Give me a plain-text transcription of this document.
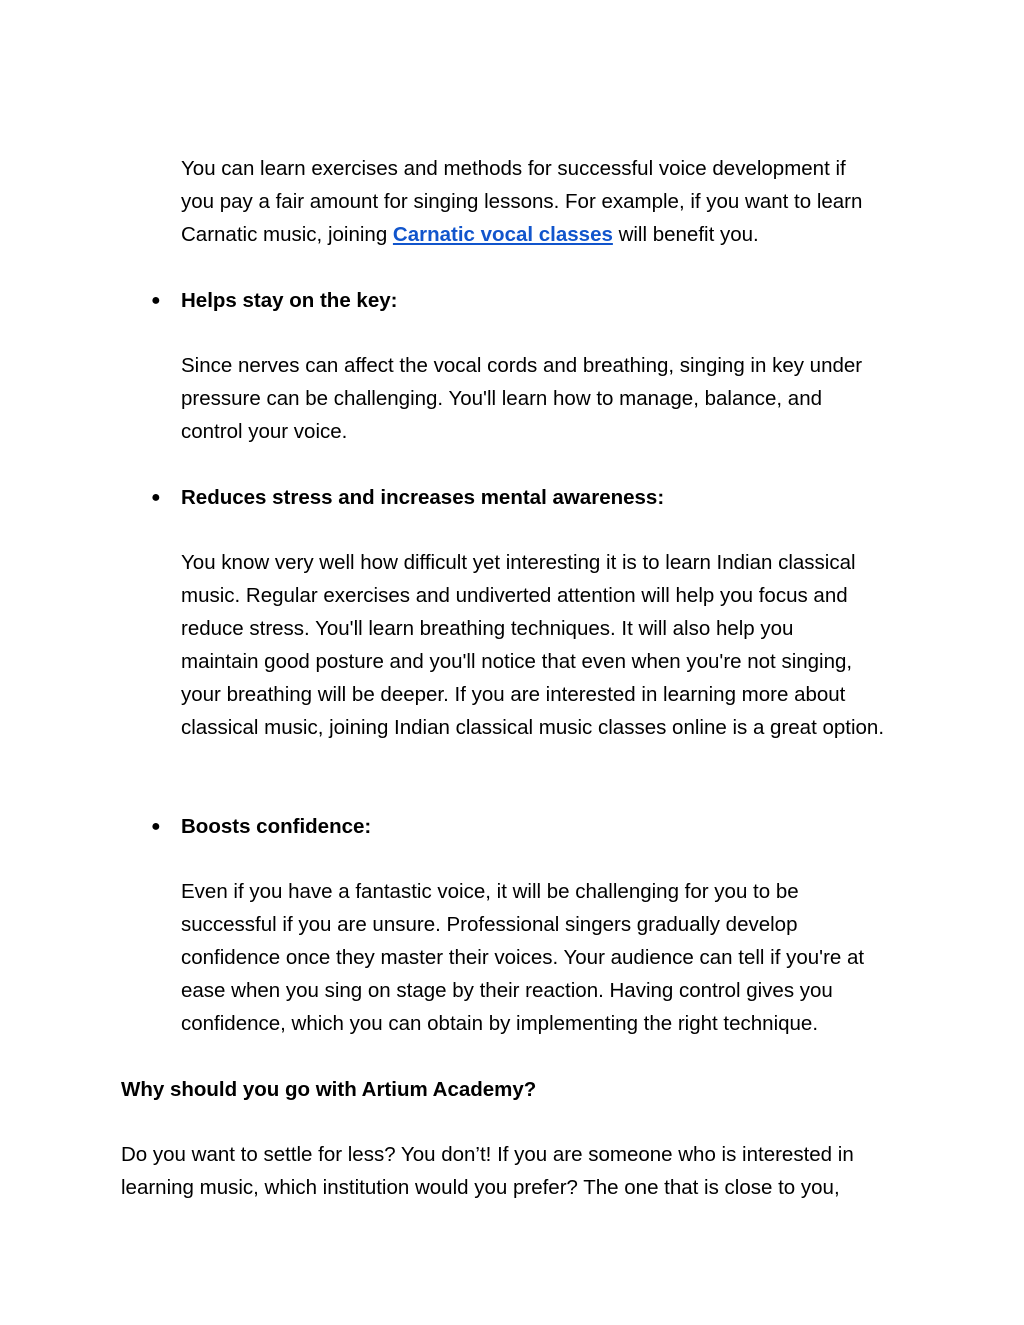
You can learn exercises and methods for successful voice development if
you pay a fair amount for singing lessons. For example, if you want to learn
Carnatic music, joining Carnatic vocal classes will benefit you.

● Helps stay on the key:

Since nerves can affect the vocal cords and breathing, singing in key under
pressure can be challenging. You'll learn how to manage, balance, and
control your voice.

● Reduces stress and increases mental awareness:

You know very well how difficult yet interesting it is to learn Indian classical
music. Regular exercises and undiverted attention will help you focus and
reduce stress. You'll learn breathing techniques. It will also help you
maintain good posture and you'll notice that even when you're not singing,
your breathing will be deeper. If you are interested in learning more about
classical music, joining Indian classical music classes online is a great option.

● Boosts confidence:

Even if you have a fantastic voice, it will be challenging for you to be
successful if you are unsure. Professional singers gradually develop
confidence once they master their voices. Your audience can tell if you're at
ease when you sing on stage by their reaction. Having control gives you
confidence, which you can obtain by implementing the right technique.

Why should you go with Artium Academy?

Do you want to settle for less? You don’t! If you are someone who is interested in
learning music, which institution would you prefer? The one that is close to you,
